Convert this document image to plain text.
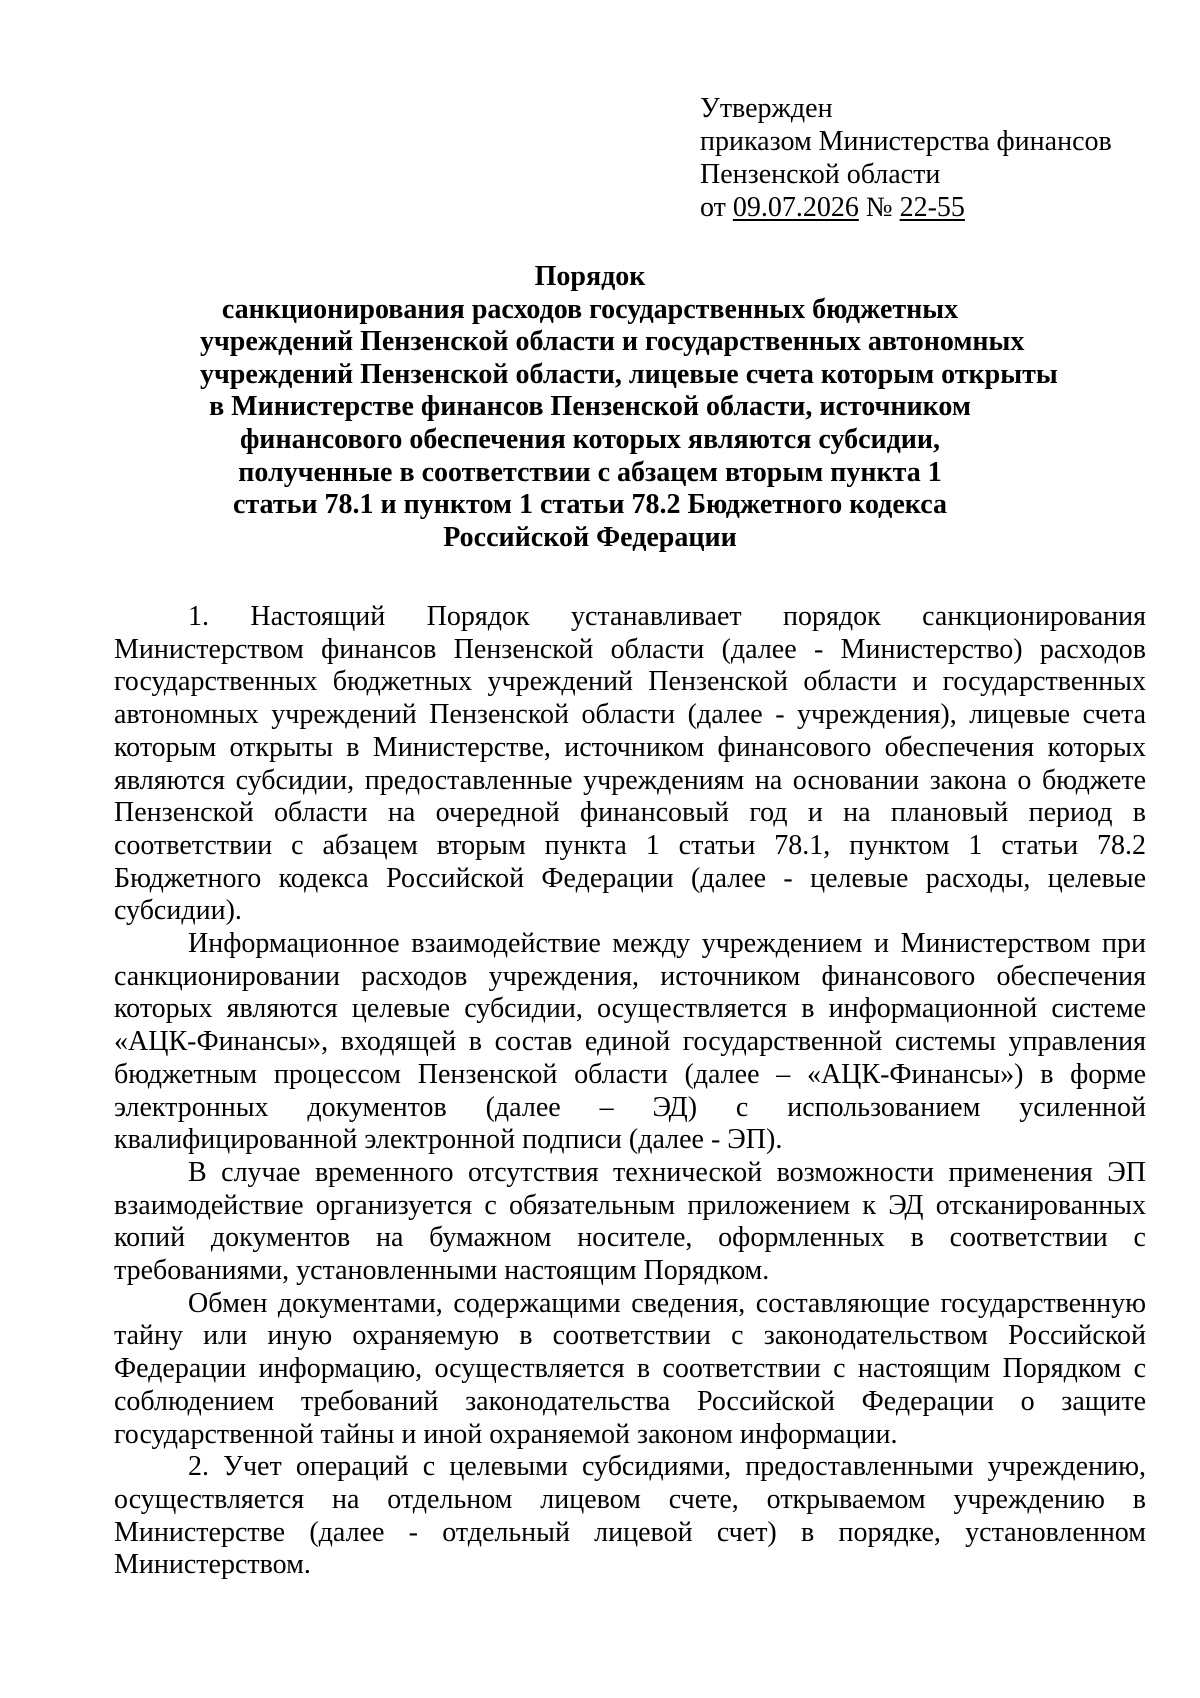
Утвержден
приказом Министерства финансов
Пензенской области
от 09.07.2026 № 22-55
Порядок
санкционирования расходов государственных бюджетных
учреждений Пензенской области и государственных автономных
учреждений Пензенской области, лицевые счета которым открыты
в Министерстве финансов Пензенской области, источником
финансового обеспечения которых являются субсидии,
полученные в соответствии с абзацем вторым пункта 1
статьи 78.1 и пунктом 1 статьи 78.2 Бюджетного кодекса
Российской Федерации

1. Настоящий Порядок устанавливает порядок санкционирования Министерством финансов Пензенской области (далее - Министерство) расходов государственных бюджетных учреждений Пензенской области и государственных автономных учреждений Пензенской области (далее - учреждения), лицевые счета которым открыты в Министерстве, источником финансового обеспечения которых являются субсидии, предоставленные учреждениям на основании закона о бюджете Пензенской области на очередной финансовый год и на плановый период в соответствии с абзацем вторым пункта 1 статьи 78.1, пунктом 1 статьи 78.2 Бюджетного кодекса Российской Федерации (далее - целевые расходы, целевые субсидии).

Информационное взаимодействие между учреждением и Министерством при санкционировании расходов учреждения, источником финансового обеспечения которых являются целевые субсидии, осуществляется в информационной системе «АЦК-Финансы», входящей в состав единой государственной системы управления бюджетным процессом Пензенской области (далее – «АЦК-Финансы») в форме электронных документов (далее – ЭД) с использованием усиленной квалифицированной электронной подписи (далее - ЭП).

В случае временного отсутствия технической возможности применения ЭП взаимодействие организуется с обязательным приложением к ЭД отсканированных копий документов на бумажном носителе, оформленных в соответствии с требованиями, установленными настоящим Порядком.

Обмен документами, содержащими сведения, составляющие государственную тайну или иную охраняемую в соответствии с законодательством Российской Федерации информацию, осуществляется в соответствии с настоящим Порядком с соблюдением требований законодательства Российской Федерации о защите государственной тайны и иной охраняемой законом информации.

2. Учет операций с целевыми субсидиями, предоставленными учреждению, осуществляется на отдельном лицевом счете, открываемом учреждению в Министерстве (далее - отдельный лицевой счет) в порядке, установленном Министерством.
